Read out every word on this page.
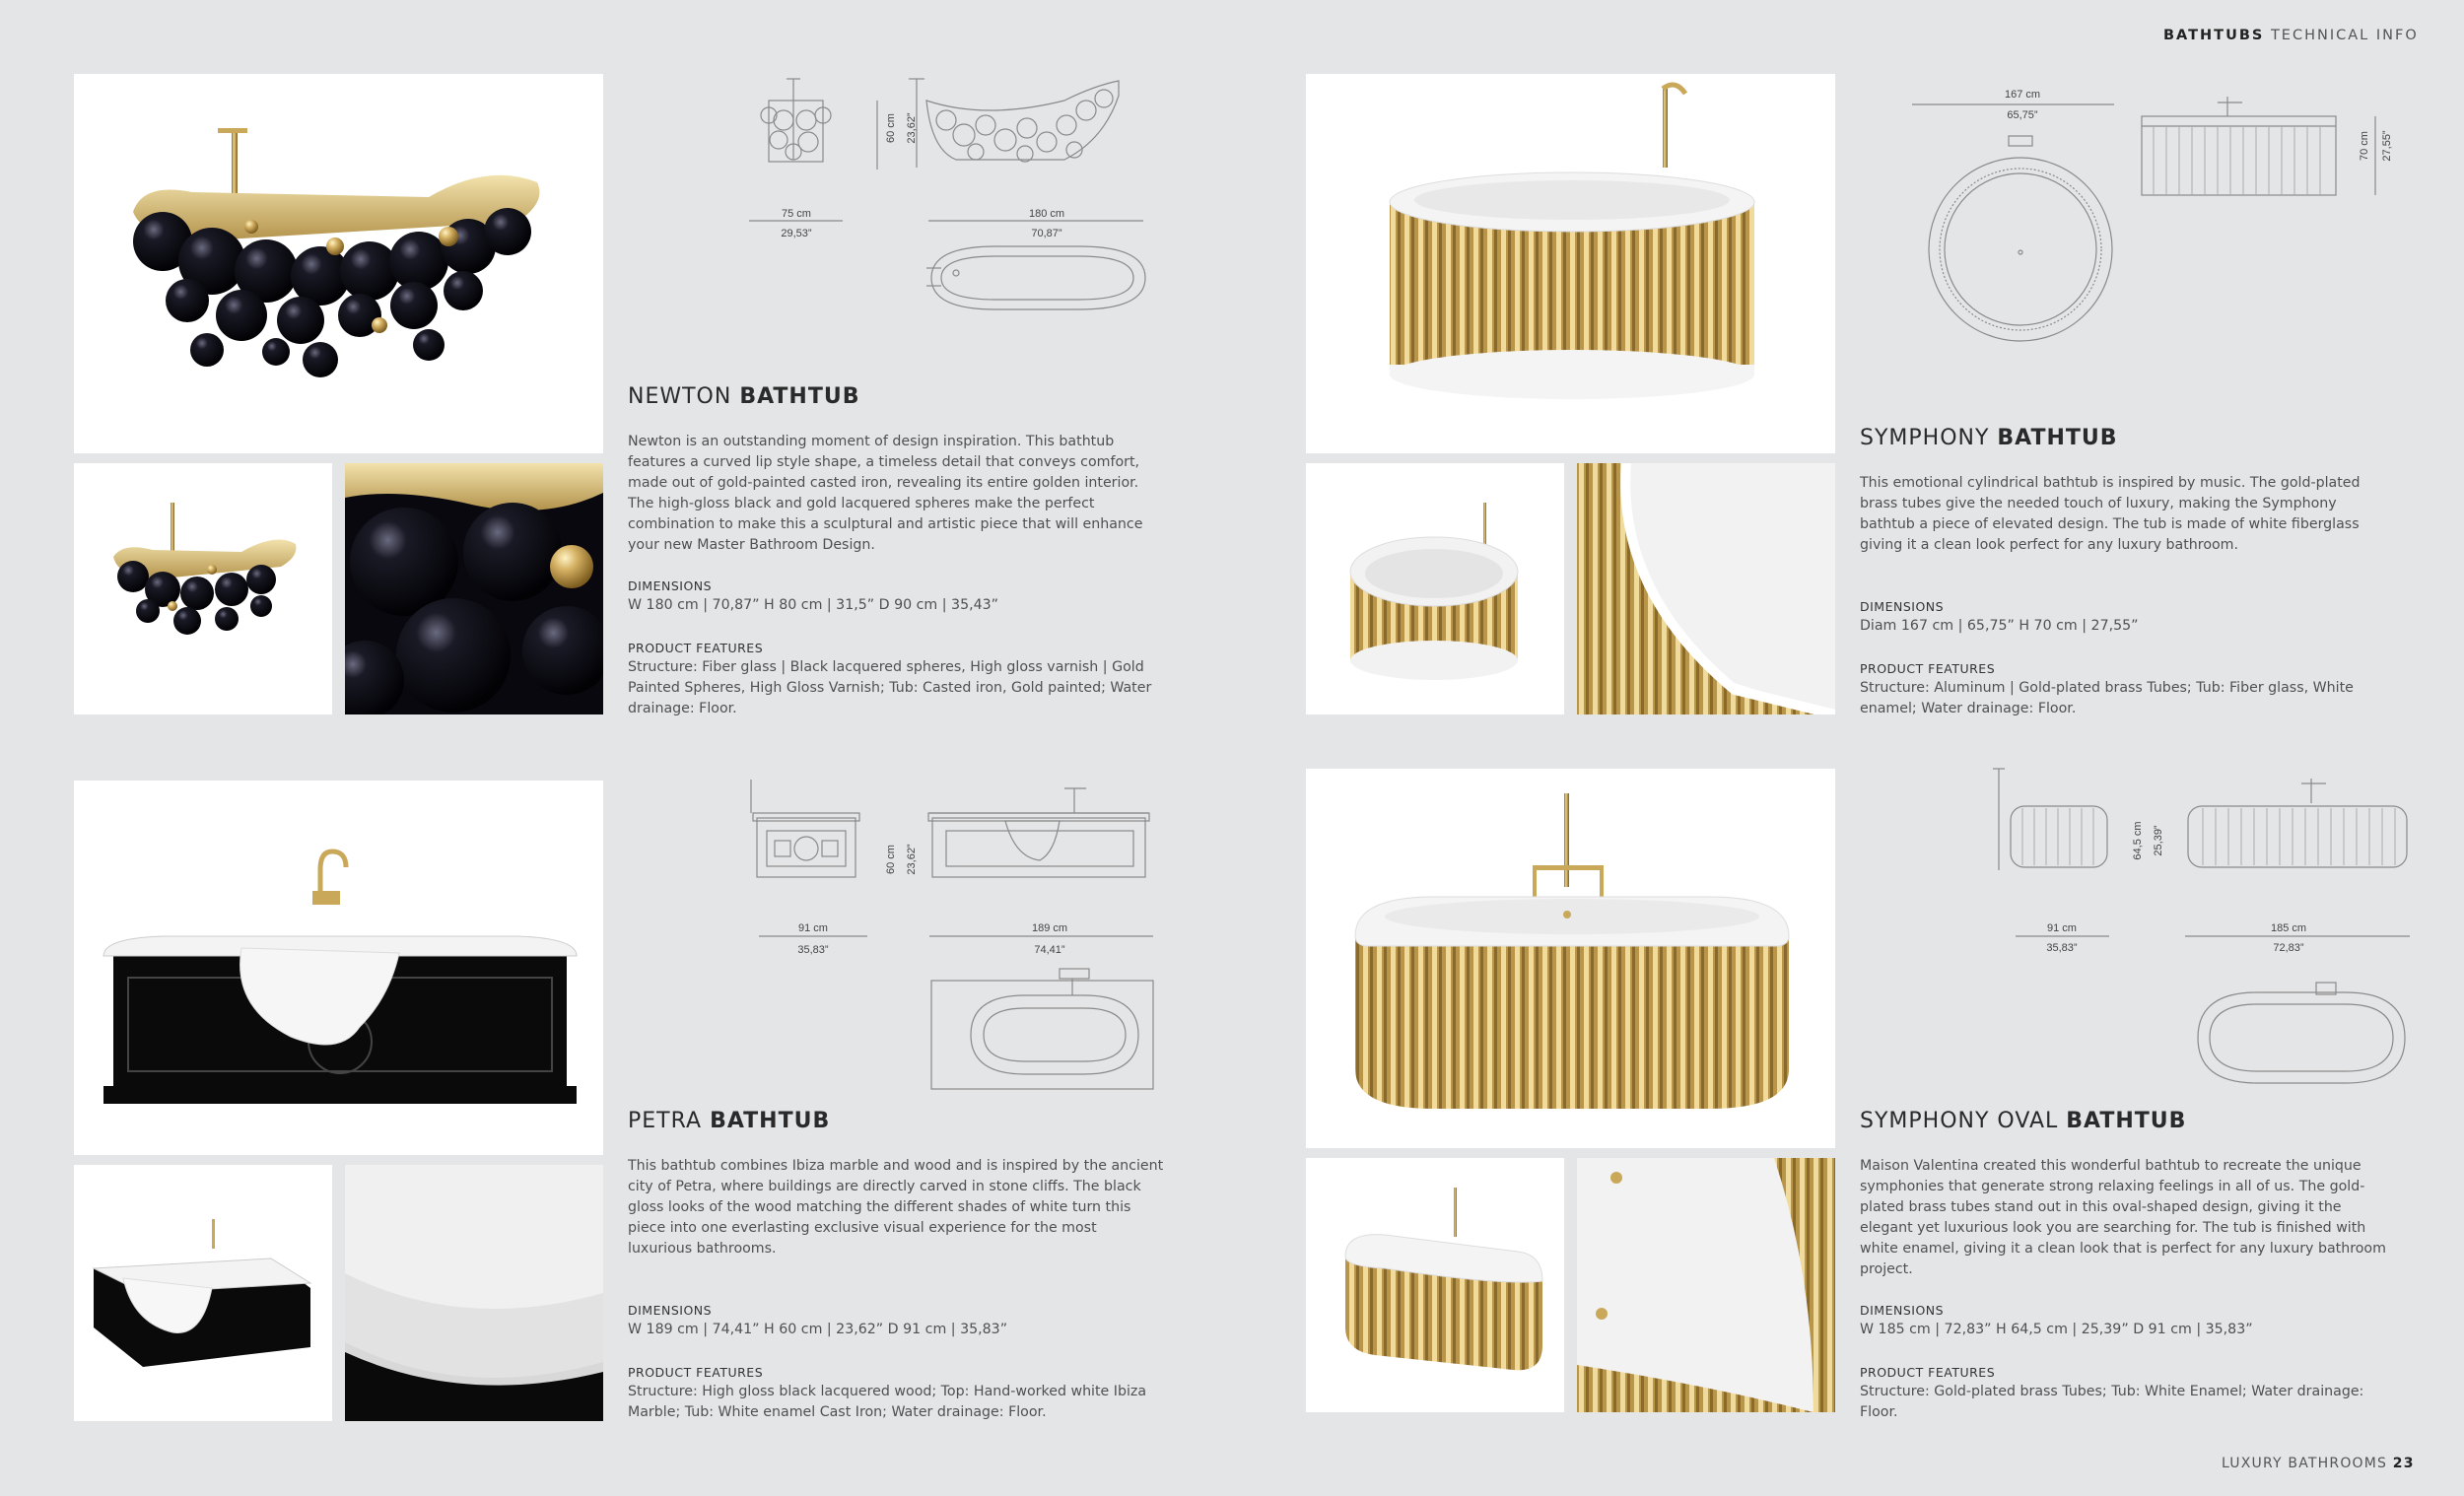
BATHTUBS TECHNICAL INFO
75 cm
29,53”
180 cm
70,87”
60 cm 23,62”
NEWTON BATHTUB
Newton is an outstanding moment of design inspiration. This bathtub features a curved lip style shape, a timeless detail that conveys comfort, made out of gold-painted casted iron, revealing its entire golden interior. The high-gloss black and gold lacquered spheres make the perfect combination to make this a sculptural and artistic piece that will enhance your new Master Bathroom Design.
DIMENSIONS
W 180 cm | 70,87” H 80 cm | 31,5” D 90 cm | 35,43”
PRODUCT FEATURES
Structure: Fiber glass | Black lacquered spheres, High gloss varnish | Gold Painted Spheres, High Gloss Varnish; Tub: Casted iron, Gold painted; Water drainage: Floor.
167 cm
65,75”
70 cm 27,55”
SYMPHONY BATHTUB
This emotional cylindrical bathtub is inspired by music. The gold-plated brass tubes give the needed touch of luxury, making the Symphony bathtub a piece of elevated design. The tub is made of white fiberglass giving it a clean look perfect for any luxury bathroom.
DIMENSIONS
Diam 167 cm | 65,75” H 70 cm | 27,55”
PRODUCT FEATURES
Structure: Aluminum | Gold-plated brass Tubes; Tub: Fiber glass, White enamel; Water drainage: Floor.
91 cm
35,83”
189 cm
74,41”
60 cm 23,62”
PETRA BATHTUB
This bathtub combines Ibiza marble and wood and is inspired by the ancient city of Petra, where buildings are directly carved in stone cliffs. The black gloss looks of the wood matching the different shades of white turn this piece into one everlasting exclusive visual experience for the most luxurious bathrooms.
DIMENSIONS
W 189 cm | 74,41” H 60 cm | 23,62” D 91 cm | 35,83”
PRODUCT FEATURES
Structure: High gloss black lacquered wood; Top: Hand-worked white Ibiza Marble; Tub: White enamel Cast Iron; Water drainage: Floor.
91 cm
35,83”
185 cm
72,83”
64,5 cm 25,39”
SYMPHONY OVAL BATHTUB
Maison Valentina created this wonderful bathtub to recreate the unique symphonies that generate strong relaxing feelings in all of us. The gold-plated brass tubes stand out in this oval-shaped design, giving it the elegant yet luxurious look you are searching for. The tub is finished with white enamel, giving it a clean look that is perfect for any luxury bathroom project.
DIMENSIONS
W 185 cm | 72,83” H 64,5 cm | 25,39” D 91 cm | 35,83”
PRODUCT FEATURES
Structure: Gold-plated brass Tubes; Tub: White Enamel; Water drainage: Floor.
LUXURY BATHROOMS 23
